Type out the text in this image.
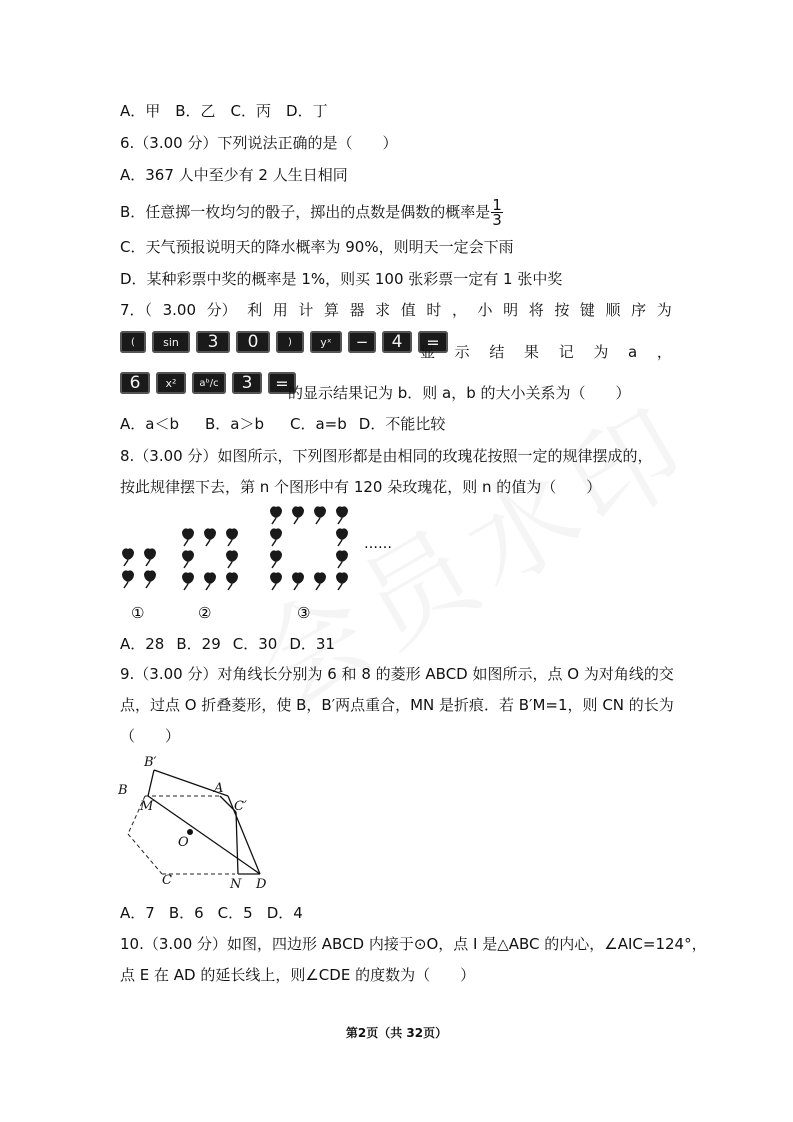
A．甲　B．乙　C．丙　D．丁
6.（3.00 分）下列说法正确的是（　　）
A．367 人中至少有 2 人生日相同
B．任意掷一枚均匀的骰子，掷出的点数是偶数的概率是 $\frac{1}{3}$
C．天气预报说明天的降水概率为 90%，则明天一定会下雨
D．某种彩票中奖的概率是 1%，则买 100 张彩票一定有 1 张中奖
7．（ 3.00 分） 利 用 计 算 器 求 值 时 ， 小 明 将 按 键 顺 序 为
(	sin	3	0	)	yˣ	−	4	=
显 示 结 果 记 为 a ，
6	x²	aᵇ/c	3	=
的显示结果记为 b．则 a，b 的大小关系为（　　）
A．a＜b B．a＞b C．a=b D．不能比较
8.（3.00 分）如图所示，下列图形都是由相同的玫瑰花按照一定的规律摆成的，
按此规律摆下去，第 n 个图形中有 120 朵玫瑰花，则 n 的值为（　　）
……
①	②	③
A．28 B．29 C．30 D．31
9.（3.00 分）对角线长分别为 6 和 8 的菱形 ABCD 如图所示，点 O 为对角线的交
点，过点 O 折叠菱形，使 B，B′两点重合，MN 是折痕．若 B′M=1，则 CN 的长为
（　　）
B′
B	A
C′
M
O
C	N D
A．7 B．6 C．5 D．4
10.（3.00 分）如图，四边形 ABCD 内接于⊙O，点 I 是△ABC 的内心，∠AIC=124°，
点 E 在 AD 的延长线上，则∠CDE 的度数为（　　）
第2页（共 32页）
